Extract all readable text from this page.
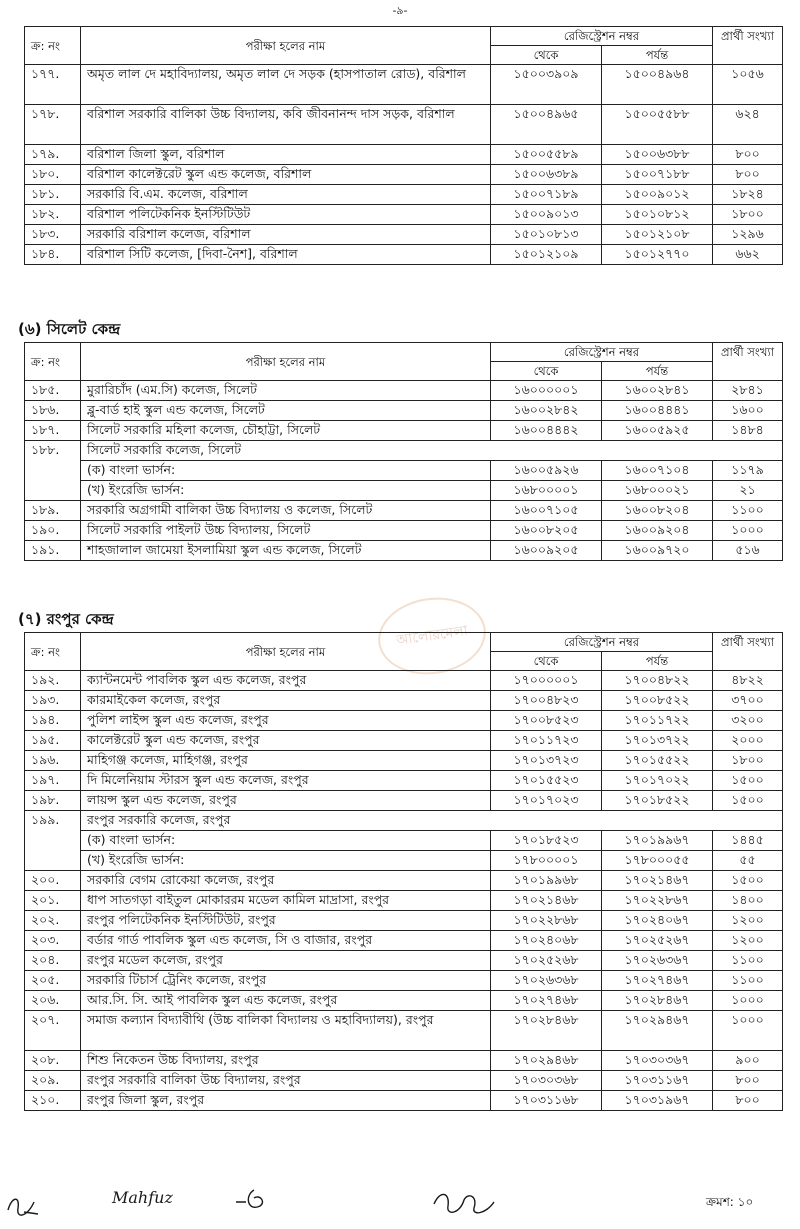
-৯-
ক্র: নং	পরীক্ষা হলের নাম	রেজিস্ট্রেশন নম্বর		প্রার্থী সংখ্যা
		থেকে	পর্যন্ত	
১৭৭.	অমৃত লাল দে মহাবিদ্যালয়, অমৃত লাল দে সড়ক (হাসপাতাল রোড), বরিশাল	১৫০০৩৯০৯	১৫০০৪৯৬৪	১০৫৬
১৭৮.	বরিশাল সরকারি বালিকা উচ্চ বিদ্যালয়, কবি জীবনানন্দ দাস সড়ক, বরিশাল	১৫০০৪৯৬৫	১৫০০৫৫৮৮	৬২৪
১৭৯.	বরিশাল জিলা স্কুল, বরিশাল	১৫০০৫৫৮৯	১৫০০৬৩৮৮	৮০০
১৮০.	বরিশাল কালেক্টরেট স্কুল এন্ড কলেজ, বরিশাল	১৫০০৬৩৮৯	১৫০০৭১৮৮	৮০০
১৮১.	সরকারি বি.এম. কলেজ, বরিশাল	১৫০০৭১৮৯	১৫০০৯০১২	১৮২৪
১৮২.	বরিশাল পলিটেকনিক ইনস্টিটিউট	১৫০০৯০১৩	১৫০১০৮১২	১৮০০
১৮৩.	সরকারি বরিশাল কলেজ, বরিশাল	১৫০১০৮১৩	১৫০১২১০৮	১২৯৬
১৮৪.	বরিশাল সিটি কলেজ, [দিবা-নৈশ], বরিশাল	১৫০১২১০৯	১৫০১২৭৭০	৬৬২
(৬) সিলেট কেন্দ্র
ক্র: নং	পরীক্ষা হলের নাম	রেজিস্ট্রেশন নম্বর		প্রার্থী সংখ্যা
		থেকে	পর্যন্ত	
১৮৫.	মুরারিচাঁদ (এম.সি) কলেজ, সিলেট	১৬০০০০০১	১৬০০২৮৪১	২৮৪১
১৮৬.	ব্লু-বার্ড হাই স্কুল এন্ড কলেজ, সিলেট	১৬০০২৮৪২	১৬০০৪৪৪১	১৬০০
১৮৭.	সিলেট সরকারি মহিলা কলেজ, চৌহাট্টা, সিলেট	১৬০০৪৪৪২	১৬০০৫৯২৫	১৪৮৪
১৮৮.	সিলেট সরকারি কলেজ, সিলেট			
	(ক) বাংলা ভার্সন:	১৬০০৫৯২৬	১৬০০৭১০৪	১১৭৯
	(খ) ইংরেজি ভার্সন:	১৬৮০০০০১	১৬৮০০০২১	২১
১৮৯.	সরকারি অগ্রগামী বালিকা উচ্চ বিদ্যালয় ও কলেজ, সিলেট	১৬০০৭১০৫	১৬০০৮২০৪	১১০০
১৯০.	সিলেট সরকারি পাইলট উচ্চ বিদ্যালয়, সিলেট	১৬০০৮২০৫	১৬০০৯২০৪	১০০০
১৯১.	শাহজালাল জামেয়া ইসলামিয়া স্কুল এন্ড কলেজ, সিলেট	১৬০০৯২০৫	১৬০০৯৭২০	৫১৬
(৭) রংপুর কেন্দ্র
আলোরমেলা
ক্র: নং	পরীক্ষা হলের নাম	রেজিস্ট্রেশন নম্বর		প্রার্থী সংখ্যা
		থেকে	পর্যন্ত	
১৯২.	ক্যান্টনমেন্ট পাবলিক স্কুল এন্ড কলেজ, রংপুর	১৭০০০০০১	১৭০০৪৮২২	৪৮২২
১৯৩.	কারমাইকেল কলেজ, রংপুর	১৭০০৪৮২৩	১৭০০৮৫২২	৩৭০০
১৯৪.	পুলিশ লাইন্স স্কুল এন্ড কলেজ, রংপুর	১৭০০৮৫২৩	১৭০১১৭২২	৩২০০
১৯৫.	কালেক্টরেট স্কুল এন্ড কলেজ, রংপুর	১৭০১১৭২৩	১৭০১৩৭২২	২০০০
১৯৬.	মাহিগঞ্জ কলেজ, মাহিগঞ্জ, রংপুর	১৭০১৩৭২৩	১৭০১৫৫২২	১৮০০
১৯৭.	দি মিলেনিয়াম স্টারস স্কুল এন্ড কলেজ, রংপুর	১৭০১৫৫২৩	১৭০১৭০২২	১৫০০
১৯৮.	লায়ন্স স্কুল এন্ড কলেজ, রংপুর	১৭০১৭০২৩	১৭০১৮৫২২	১৫০০
১৯৯.	রংপুর সরকারি কলেজ, রংপুর			
	(ক) বাংলা ভার্সন:	১৭০১৮৫২৩	১৭০১৯৯৬৭	১৪৪৫
	(খ) ইংরেজি ভার্সন:	১৭৮০০০০১	১৭৮০০০৫৫	৫৫
২০০.	সরকারি বেগম রোকেয়া কলেজ, রংপুর	১৭০১৯৯৬৮	১৭০২১৪৬৭	১৫০০
২০১.	ধাপ সাতগড়া বাইতুল মোকাররম মডেল কামিল মাদ্রাসা, রংপুর	১৭০২১৪৬৮	১৭০২২৮৬৭	১৪০০
২০২.	রংপুর পলিটেকনিক ইনস্টিটিউট, রংপুর	১৭০২২৮৬৮	১৭০২৪০৬৭	১২০০
২০৩.	বর্ডার গার্ড পাবলিক স্কুল এন্ড কলেজ, সি ও বাজার, রংপুর	১৭০২৪০৬৮	১৭০২৫২৬৭	১২০০
২০৪.	রংপুর মডেল কলেজ, রংপুর	১৭০২৫২৬৮	১৭০২৬৩৬৭	১১০০
২০৫.	সরকারি টিচার্স ট্রেনিং কলেজ, রংপুর	১৭০২৬৩৬৮	১৭০২৭৪৬৭	১১০০
২০৬.	আর.সি. সি. আই পাবলিক স্কুল এন্ড কলেজ, রংপুর	১৭০২৭৪৬৮	১৭০২৮৪৬৭	১০০০
২০৭.	সমাজ কল্যান বিদ্যাবীথি (উচ্চ বালিকা বিদ্যালয় ও মহাবিদ্যালয়), রংপুর	১৭০২৮৪৬৮	১৭০২৯৪৬৭	১০০০
২০৮.	শিশু নিকেতন উচ্চ বিদ্যালয়, রংপুর	১৭০২৯৪৬৮	১৭০৩০৩৬৭	৯০০
২০৯.	রংপুর সরকারি বালিকা উচ্চ বিদ্যালয়, রংপুর	১৭০৩০৩৬৮	১৭০৩১১৬৭	৮০০
২১০.	রংপুর জিলা স্কুল, রংপুর	১৭০৩১১৬৮	১৭০৩১৯৬৭	৮০০
Mahfuz	ক্রমশ: ১০
